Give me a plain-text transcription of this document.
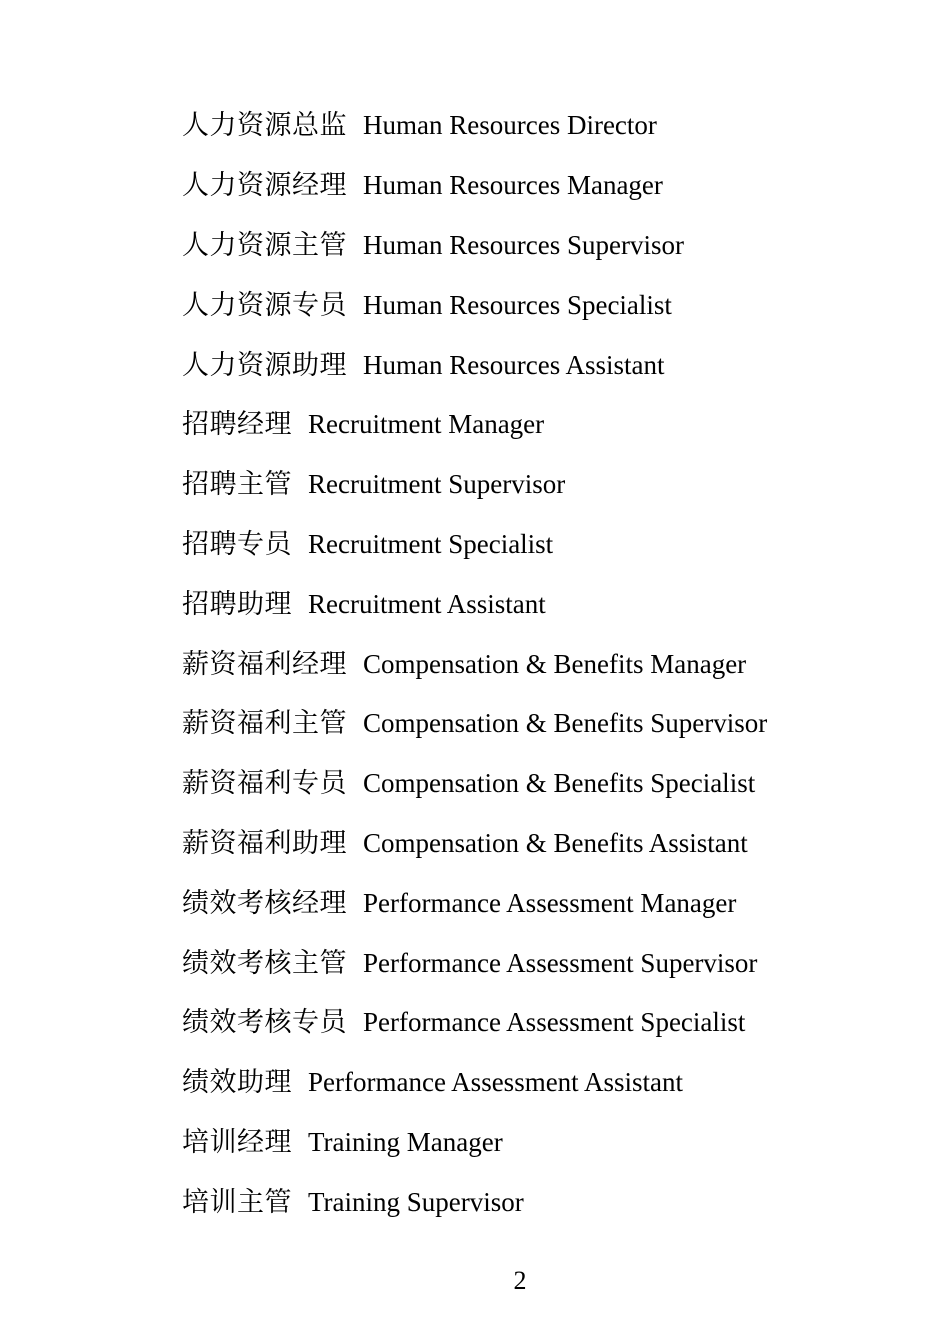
人力资源总监 Human Resources Director
人力资源经理 Human Resources Manager
人力资源主管 Human Resources Supervisor
人力资源专员 Human Resources Specialist
人力资源助理 Human Resources Assistant
招聘经理 Recruitment Manager
招聘主管 Recruitment Supervisor
招聘专员 Recruitment Specialist
招聘助理 Recruitment Assistant
薪资福利经理 Compensation & Benefits Manager
薪资福利主管 Compensation & Benefits Supervisor
薪资福利专员 Compensation & Benefits Specialist
薪资福利助理 Compensation & Benefits Assistant
绩效考核经理 Performance Assessment Manager
绩效考核主管 Performance Assessment Supervisor
绩效考核专员 Performance Assessment Specialist
绩效助理 Performance Assessment Assistant
培训经理 Training Manager
培训主管 Training Supervisor
2
